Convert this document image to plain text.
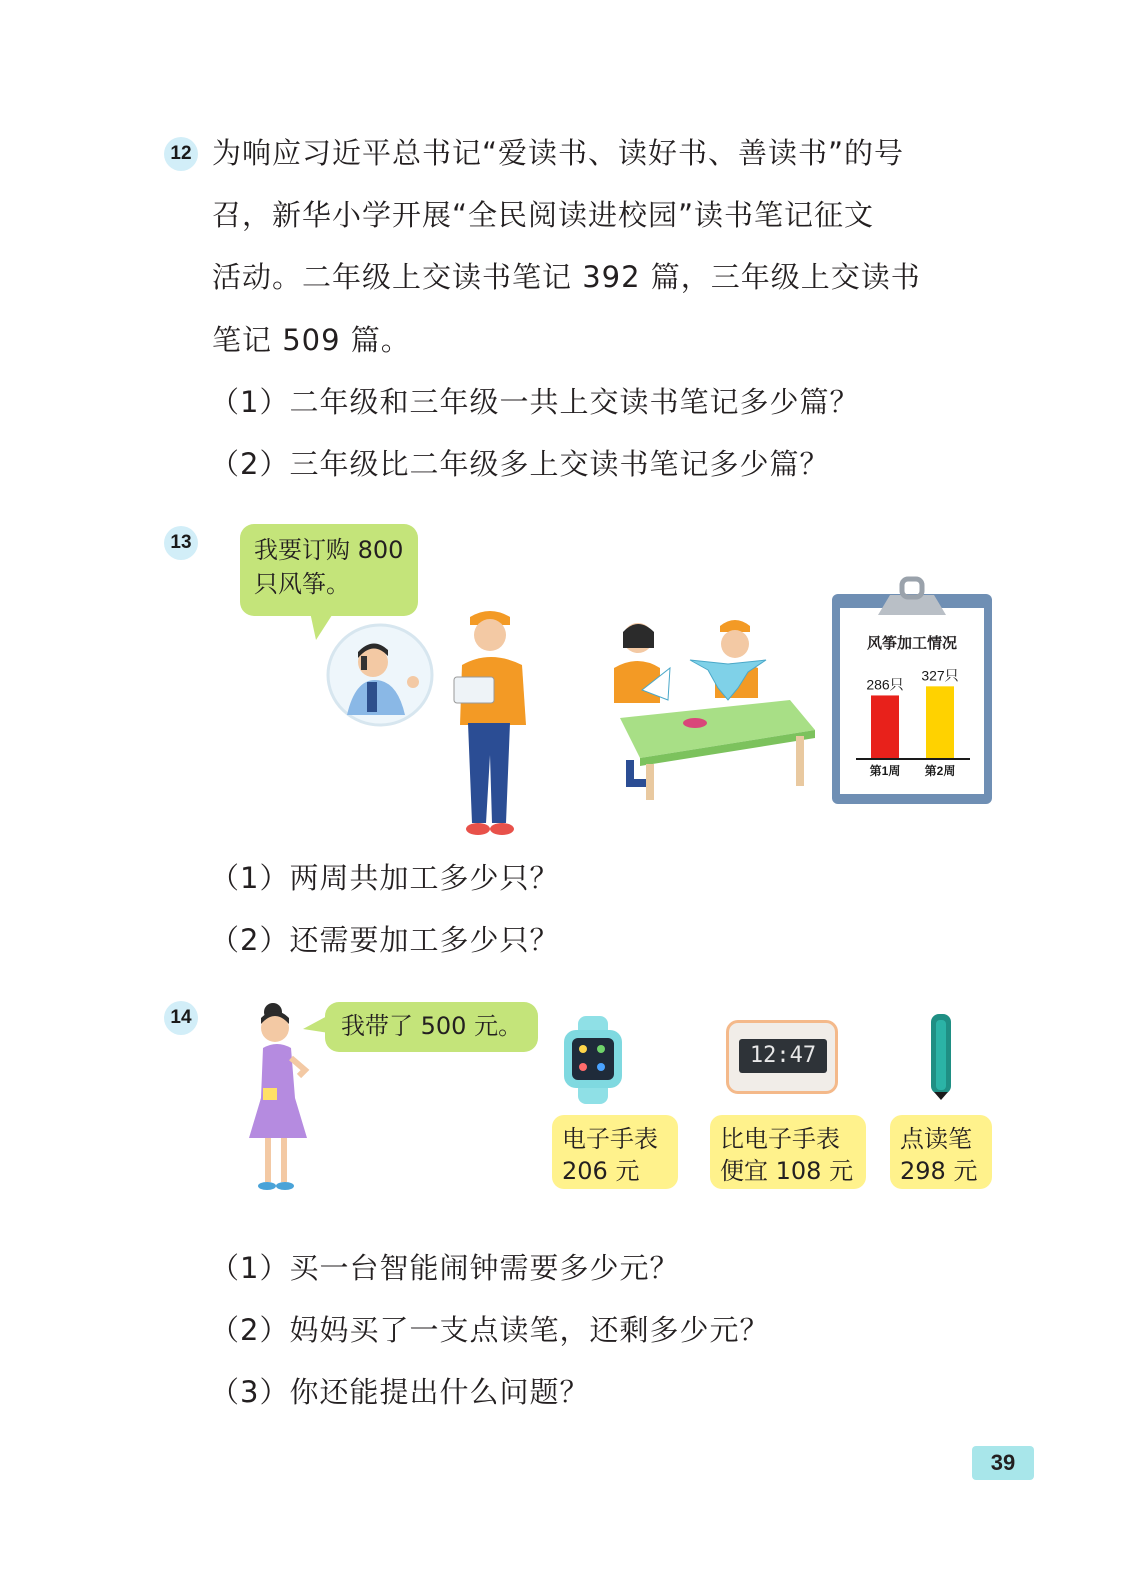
12 为响应习近平总书记“爱读书、读好书、善读书”的号
召，新华小学开展“全民阅读进校园”读书笔记征文
活动。二年级上交读书笔记 392 篇，三年级上交读书
笔记 509 篇。
（1）二年级和三年级一共上交读书笔记多少篇？
（2）三年级比二年级多上交读书笔记多少篇？
13	我要订购 800
只风筝。
风筝加工情况
286只
第1周
327只
第2周
（1）两周共加工多少只？
（2）还需要加工多少只？
14	我带了 500 元。
12:47
电子手表
206 元
比电子手表
便宜 108 元
点读笔
298 元
（1）买一台智能闹钟需要多少元？
（2）妈妈买了一支点读笔，还剩多少元？
（3）你还能提出什么问题？
39
